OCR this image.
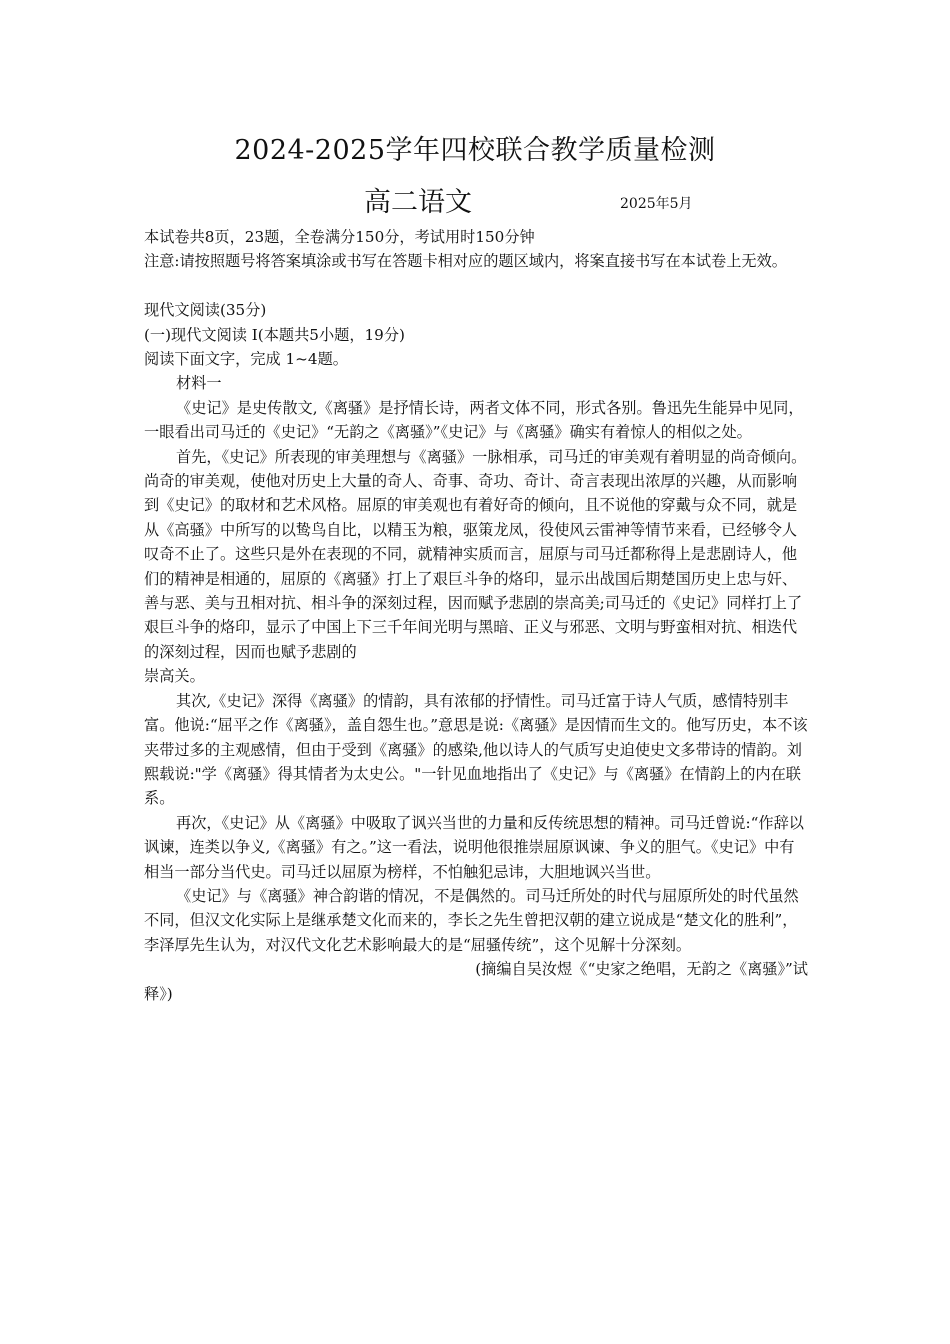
2024-2025学年四校联合教学质量检测
高二语文	2025年5月

本试卷共8页，23题，全卷满分150分，考试用时150分钟

注意:请按照题号将答案填涂或书写在答题卡相对应的题区域内，将案直接书写在本试卷上无效。

现代文阅读(35分)

(一)现代文阅读 I(本题共5小题，19分)

阅读下面文字，完成 1~4题。

材料一

《史记》是史传散文,《离骚》是抒情长诗，两者文体不同，形式各别。鲁迅先生能异中见同，一眼看出司马迁的《史记》“无韵之《离骚》”《史记》与《离骚》确实有着惊人的相似之处。

首先，《史记》所表现的审美理想与《离骚》一脉相承，司马迁的审美观有着明显的尚奇倾向。尚奇的审美观，使他对历史上大量的奇人、奇事、奇功、奇计、奇言表现出浓厚的兴趣，从而影响到《史记》的取材和艺术风格。屈原的审美观也有着好奇的倾向，且不说他的穿戴与众不同，就是从《高骚》中所写的以鸷鸟自比，以精玉为粮，驱策龙凤，役使风云雷神等情节来看，已经够令人叹奇不止了。这些只是外在表现的不同，就精神实质而言，屈原与司马迁都称得上是悲剧诗人，他们的精神是相通的，屈原的《离骚》打上了艰巨斗争的烙印，显示出战国后期楚国历史上忠与奸、善与恶、美与丑相对抗、相斗争的深刻过程，因而赋予悲剧的崇高美;司马迁的《史记》同样打上了艰巨斗争的烙印，显示了中国上下三千年间光明与黑暗、正义与邪恶、文明与野蛮相对抗、相迭代的深刻过程，因而也赋予悲剧的

崇高关。

其次,《史记》深得《离骚》的情韵，具有浓郁的抒情性。司马迁富于诗人气质，感情特别丰富。他说:“屈平之作《离骚》，盖自怨生也。”意思是说:《离骚》是因情而生文的。他写历史，本不该夹带过多的主观感情，但由于受到《离骚》的感染,他以诗人的气质写史迫使史文多带诗的情韵。刘熙载说:"学《离骚》得其情者为太史公。"一针见血地指出了《史记》与《离骚》在情韵上的内在联系。

再次，《史记》从《离骚》中吸取了讽兴当世的力量和反传统思想的精神。司马迁曾说:“作辞以讽谏，连类以争义,《离骚》有之。”这一看法，说明他很推崇屈原讽谏、争义的胆气。《史记》中有相当一部分当代史。司马迁以屈原为榜样，不怕触犯忌讳，大胆地讽兴当世。

《史记》与《离骚》神合韵谐的情况，不是偶然的。司马迁所处的时代与屈原所处的时代虽然不同，但汉文化实际上是继承楚文化而来的，李长之先生曾把汉朝的建立说成是“楚文化的胜利”，李泽厚先生认为，对汉代文化艺术影响最大的是“屈骚传统”，这个见解十分深刻。

(摘编自吴汝煜《“史家之绝唱，无韵之《离骚》”试

释》)
